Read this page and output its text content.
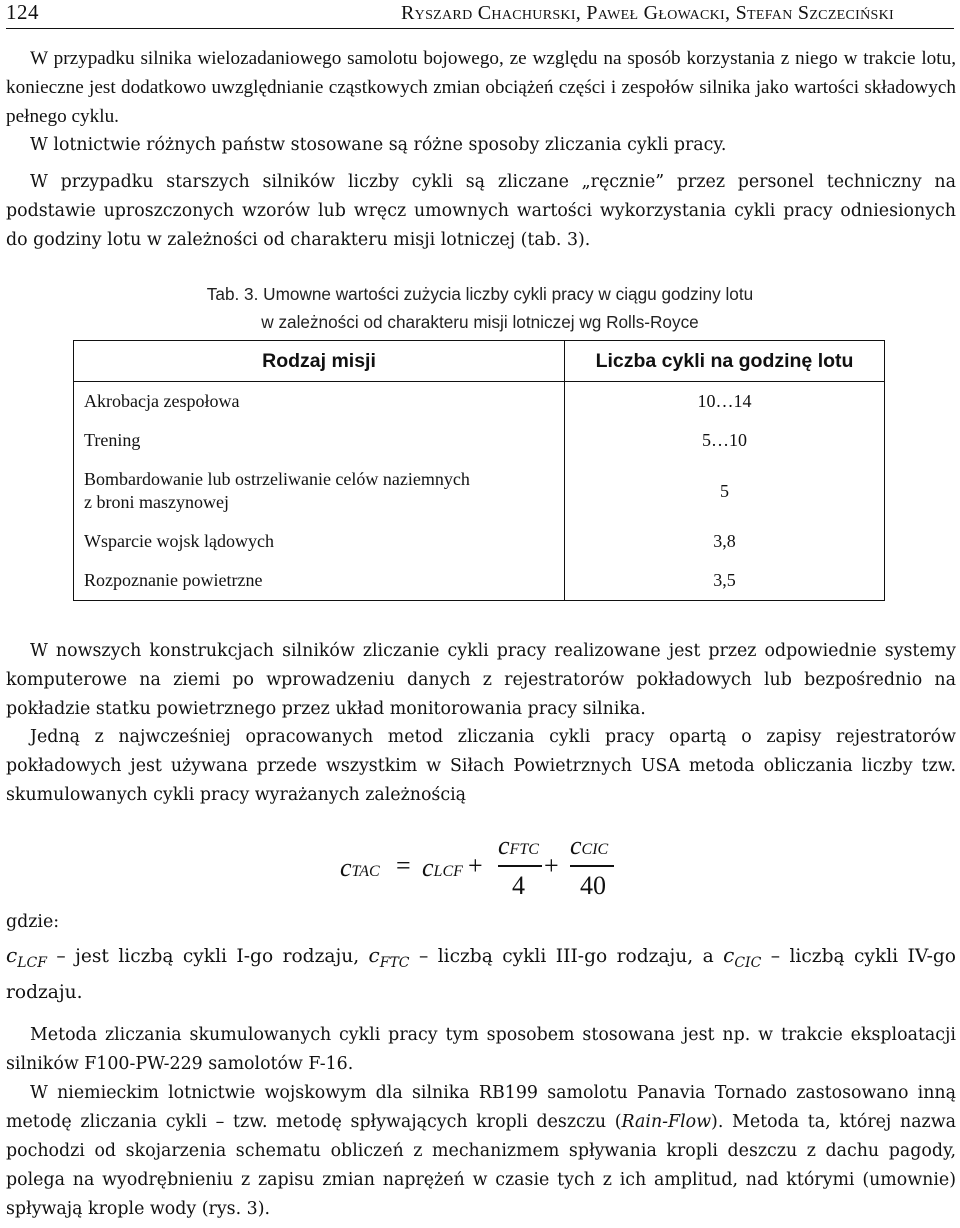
124	Ryszard Chachurski, Paweł Głowacki, Stefan Szczeciński
W przypadku silnika wielozadaniowego samolotu bojowego, ze względu na sposób korzystania z niego w trakcie lotu, konieczne jest dodatkowo uwzględnianie cząstkowych zmian obciążeń części i zespołów silnika jako wartości składowych pełnego cyklu.
W lotnictwie różnych państw stosowane są różne sposoby zliczania cykli pracy.

W przypadku starszych silników liczby cykli są zliczane „ręcznie” przez personel techniczny na podstawie uproszczonych wzorów lub wręcz umownych wartości wykorzystania cykli pracy odniesionych do godziny lotu w zależności od charakteru misji lotniczej (tab. 3).

Tab. 3. Umowne wartości zużycia liczby cykli pracy w ciągu godziny lotu
w zależności od charakteru misji lotniczej wg Rolls-Royce
Rodzaj misji	Liczba cykli na godzinę lotu
Akrobacja zespołowa	10…14
Trening	5…10

Bombardowanie lub ostrzeliwanie celów naziemnych
z broni maszynowej	5
Wsparcie wojsk lądowych	3,8
Rozpoznanie powietrzne	3,5

W nowszych konstrukcjach silników zliczanie cykli pracy realizowane jest przez odpowiednie systemy komputerowe na ziemi po wprowadzeniu danych z rejestratorów pokładowych lub bezpośrednio na pokładzie statku powietrznego przez układ monitorowania pracy silnika.

Jedną z najwcześniej opracowanych metod zliczania cykli pracy opartą o zapisy rejestratorów pokładowych jest używana przede wszystkim w Siłach Powietrznych USA metoda obliczania liczby tzw. skumulowanych cykli pracy wyrażanych zależnością

cTAC = cLCF +
cFTC
4
+
cCIC
40
gdzie:
$c_{LCF}$ – jest liczbą cykli I-go rodzaju, $c_{FTC}$ – liczbą cykli III-go rodzaju, a $c_{CIC}$ – liczbą cykli IV-go rodzaju.

Metoda zliczania skumulowanych cykli pracy tym sposobem stosowana jest np. w trakcie eksploatacji silników F100-PW-229 samolotów F-16.

W niemieckim lotnictwie wojskowym dla silnika RB199 samolotu Panavia Tornado zastosowano inną metodę zliczania cykli – tzw. metodę spływających kropli deszczu (Rain-Flow). Metoda ta, której nazwa pochodzi od skojarzenia schematu obliczeń z mechanizmem spływania kropli deszczu z dachu pagody, polega na wyodrębnieniu z zapisu zmian naprężeń w czasie tych z ich amplitud, nad którymi (umownie) spływają krople wody (rys. 3).
